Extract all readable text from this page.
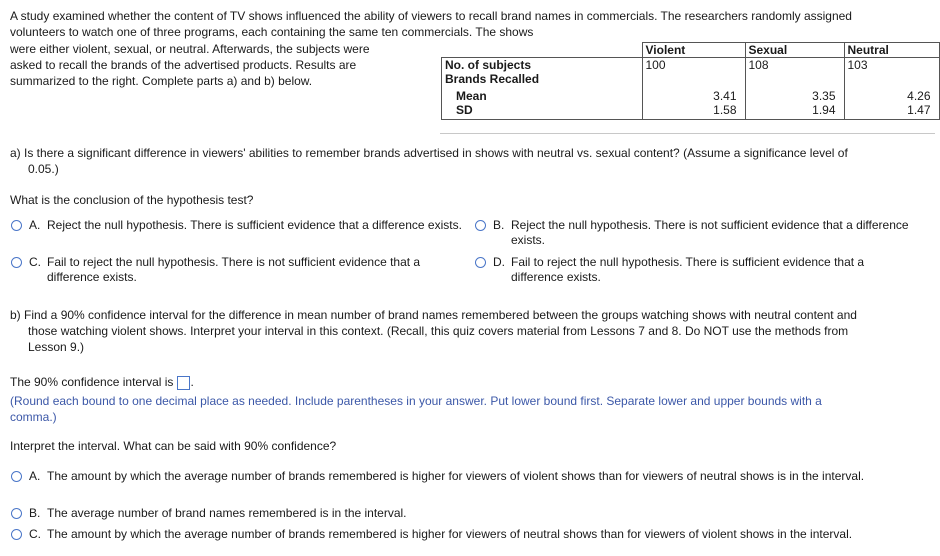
A study examined whether the content of TV shows influenced the ability of viewers to recall brand names in commercials. The researchers randomly assigned
volunteers to watch one of three programs, each containing the same ten commercials. The shows
were either violent, sexual, or neutral. Afterwards, the subjects were
asked to recall the brands of the advertised products. Results are
summarized to the right. Complete parts a) and b) below.
	Violent	Sexual	Neutral
No. of subjects	100	108	103
Brands Recalled			
Mean	3.41	3.35	4.26
SD	1.58	1.94	1.47
a) Is there a significant difference in viewers' abilities to remember brands advertised in shows with neutral vs. sexual content? (Assume a significance level of
0.05.)
What is the conclusion of the hypothesis test?
A. Reject the null hypothesis. There is sufficient evidence that a difference exists.	B. Reject the null hypothesis. There is not sufficient evidence that a difference exists.
C. Fail to reject the null hypothesis. There is not sufficient evidence that a difference exists.
D. Fail to reject the null hypothesis. There is sufficient evidence that a difference exists.
b) Find a 90% confidence interval for the difference in mean number of brand names remembered between the groups watching shows with neutral content and
those watching violent shows. Interpret your interval in this context. (Recall, this quiz covers material from Lessons 7 and 8. Do NOT use the methods from
Lesson 9.)
The 90% confidence interval is .
(Round each bound to one decimal place as needed. Include parentheses in your answer. Put lower bound first. Separate lower and upper bounds with a
comma.)
Interpret the interval. What can be said with 90% confidence?
A. The amount by which the average number of brands remembered is higher for viewers of violent shows than for viewers of neutral shows is in the interval.
B. The average number of brand names remembered is in the interval.
C. The amount by which the average number of brands remembered is higher for viewers of neutral shows than for viewers of violent shows in the interval.
